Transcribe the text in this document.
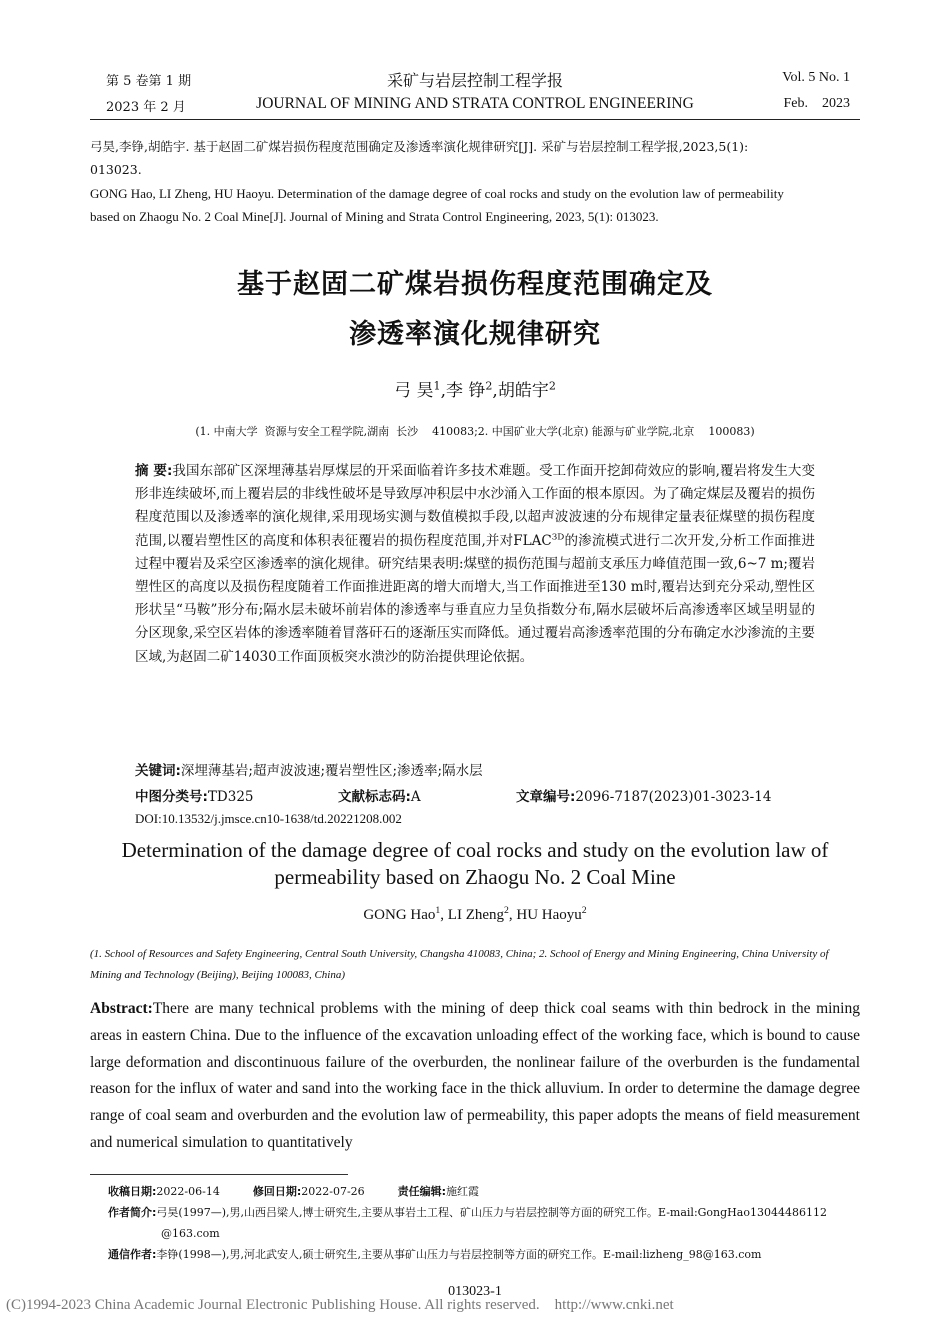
第 5 卷第 1 期
2023 年 2 月
采矿与岩层控制工程学报
JOURNAL OF MINING AND STRATA CONTROL ENGINEERING
Vol. 5 No. 1
Feb.    2023
弓昊,李铮,胡皓宇. 基于赵固二矿煤岩损伤程度范围确定及渗透率演化规律研究[J]. 采矿与岩层控制工程学报,2023,5(1):
013023.
GONG Hao, LI Zheng, HU Haoyu. Determination of the damage degree of coal rocks and study on the evolution law of permeability
based on Zhaogu No. 2 Coal Mine[J]. Journal of Mining and Strata Control Engineering, 2023, 5(1): 013023.
基于赵固二矿煤岩损伤程度范围确定及
渗透率演化规律研究
弓 昊$^1$,李 铮$^2$,胡皓宇$^2$
(1. 中南大学  资源与安全工程学院,湖南  长沙    410083;2. 中国矿业大学(北京) 能源与矿业学院,北京    100083)
摘 要:我国东部矿区深埋薄基岩厚煤层的开采面临着许多技术难题。受工作面开挖卸荷效应的影响,覆岩将发生大变形非连续破坏,而上覆岩层的非线性破坏是导致厚冲积层中水沙涌入工作面的根本原因。为了确定煤层及覆岩的损伤程度范围以及渗透率的演化规律,采用现场实测与数值模拟手段,以超声波波速的分布规律定量表征煤壁的损伤程度范围,以覆岩塑性区的高度和体积表征覆岩的损伤程度范围,并对$FLAC^{3D}$的渗流模式进行二次开发,分析工作面推进过程中覆岩及采空区渗透率的演化规律。研究结果表明:煤壁的损伤范围与超前支承压力峰值范围一致,6~7 m;覆岩塑性区的高度以及损伤程度随着工作面推进距离的增大而增大,当工作面推进至130 m时,覆岩达到充分采动,塑性区形状呈“马鞍”形分布;隔水层未破坏前岩体的渗透率与垂直应力呈负指数分布,隔水层破坏后高渗透率区域呈明显的分区现象,采空区岩体的渗透率随着冒落矸石的逐渐压实而降低。通过覆岩高渗透率范围的分布确定水沙渗流的主要区域,为赵固二矿14030工作面顶板突水溃沙的防治提供理论依据。
关键词:深埋薄基岩;超声波波速;覆岩塑性区;渗透率;隔水层
中图分类号:TD325	文献标志码:A	文章编号:2096-7187(2023)01-3023-14
DOI:10.13532/j.jmsce.cn10-1638/td.20221208.002
Determination of the damage degree of coal rocks and study on the evolution law of
permeability based on Zhaogu No. 2 Coal Mine
GONG Hao$^1$, LI Zheng$^2$, HU Haoyu$^2$
(1. School of Resources and Safety Engineering, Central South University, Changsha 410083, China; 2. School of Energy and Mining Engineering, China University of Mining and Technology (Beijing), Beijing 100083, China)
Abstract:There are many technical problems with the mining of deep thick coal seams with thin bedrock in the mining areas in eastern China. Due to the influence of the excavation unloading effect of the working face, which is bound to cause large deformation and discontinuous failure of the overburden, the nonlinear failure of the overburden is the fundamental reason for the influx of water and sand into the working face in the thick alluvium. In order to determine the damage degree range of coal seam and overburden and the evolution law of permeability, this paper adopts the means of field measurement and numerical simulation to quantitatively
收稿日期:2022-06-14	修回日期:2022-07-26	责任编辑:施红霞
作者简介:弓昊(1997—),男,山西吕梁人,博士研究生,主要从事岩土工程、矿山压力与岩层控制等方面的研究工作。E-mail:GongHao13044486112
@163.com
通信作者:李铮(1998—),男,河北武安人,硕士研究生,主要从事矿山压力与岩层控制等方面的研究工作。E-mail:lizheng_98@163.com
013023-1
(C)1994-2023 China Academic Journal Electronic Publishing House. All rights reserved.    http://www.cnki.net
